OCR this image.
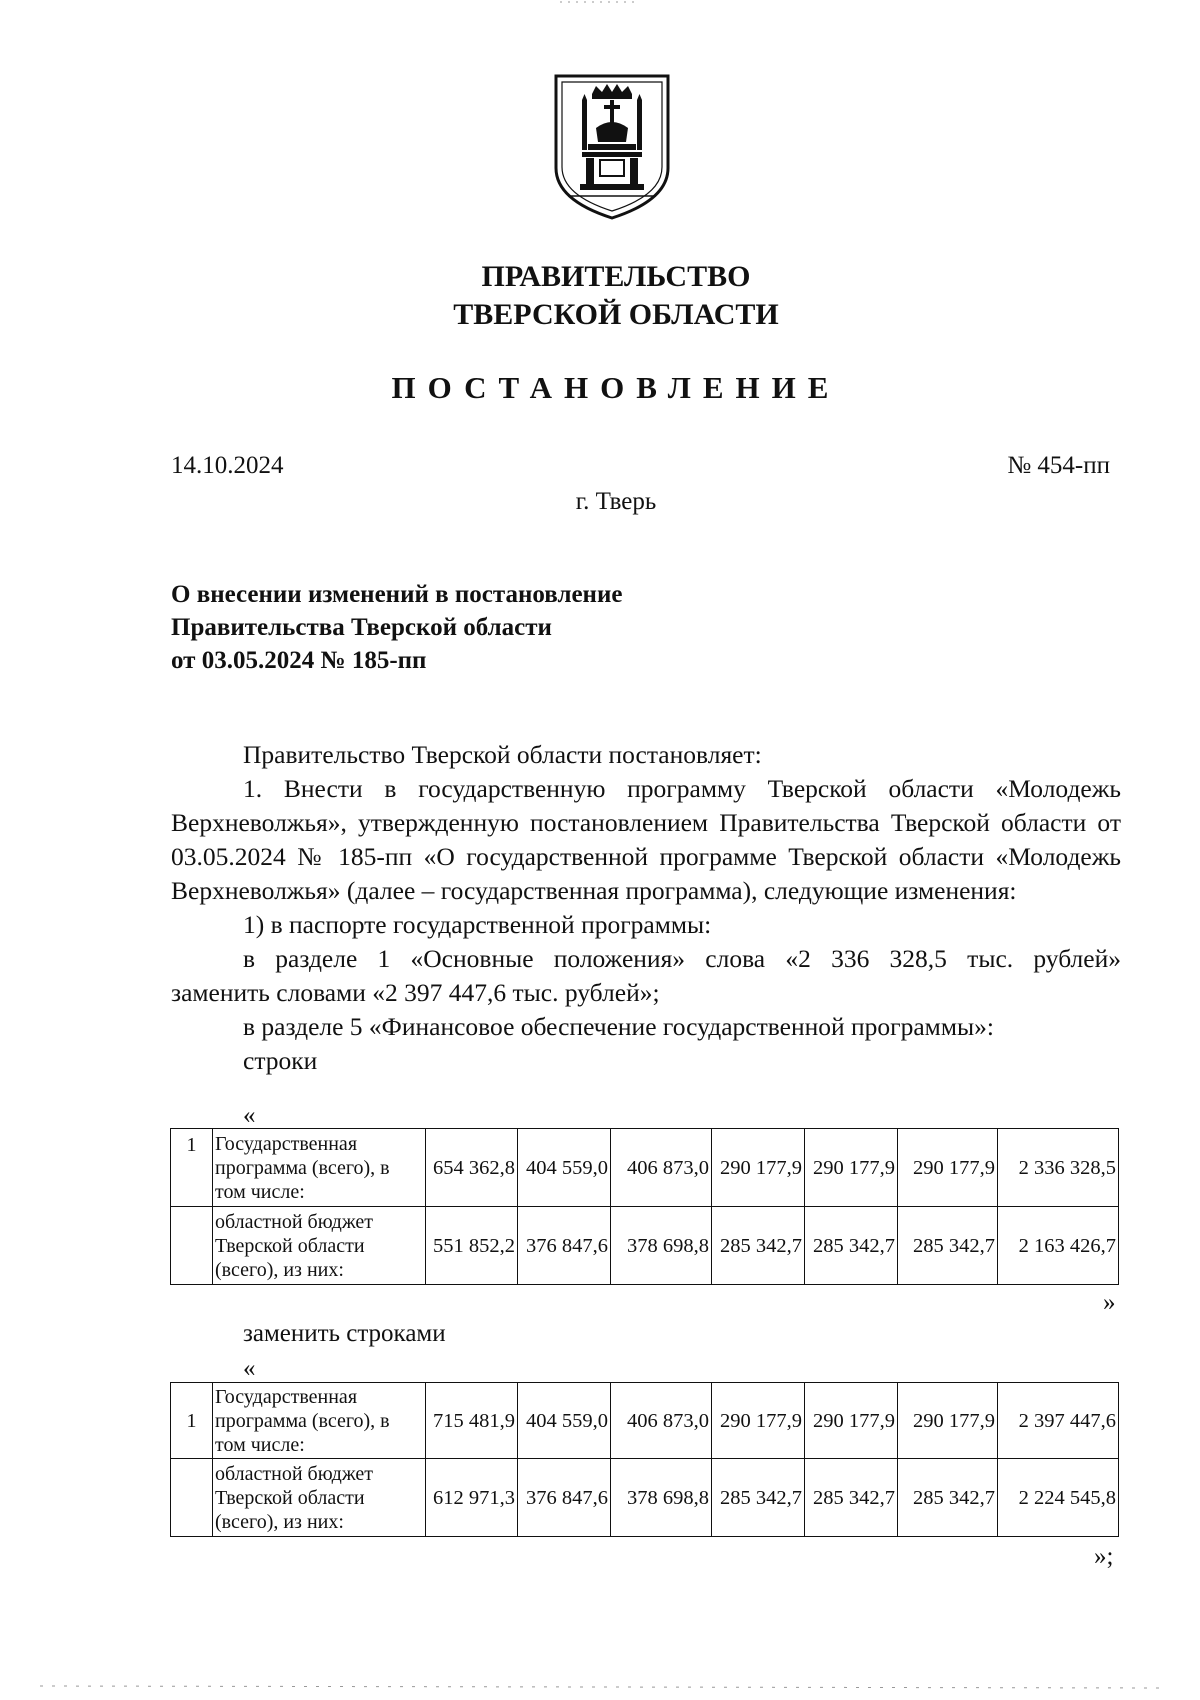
ПРАВИТЕЛЬСТВО
ТВЕРСКОЙ ОБЛАСТИ
ПОСТАНОВЛЕНИЕ
14.10.2024	№ 454-пп
г. Тверь
О внесении изменений в постановление
Правительства Тверской области
от 03.05.2024 № 185-пп

Правительство Тверской области постановляет:

1. Внести в государственную программу Тверской области «Молодежь Верхневолжья», утвержденную постановлением Правительства Тверской области от 03.05.2024 № 185-пп «О государственной программе Тверской области «Молодежь Верхневолжья» (далее – государственная программа), следующие изменения:

1) в паспорте государственной программы:

в разделе 1 «Основные положения» слова «2 336 328,5 тыс. рублей»

заменить словами «2 397 447,6 тыс. рублей»;

в разделе 5 «Финансовое обеспечение государственной программы»:

строки

«
1	Государственная программа (всего), в том числе:	654 362,8	404 559,0	406 873,0	290 177,9	290 177,9	290 177,9	2 336 328,5
	областной бюджет Тверской области (всего), из них:	551 852,2	376 847,6	378 698,8	285 342,7	285 342,7	285 342,7	2 163 426,7
»
заменить строками
«
1	Государственная программа (всего), в том числе:	715 481,9	404 559,0	406 873,0	290 177,9	290 177,9	290 177,9	2 397 447,6
	областной бюджет Тверской области (всего), из них:	612 971,3	376 847,6	378 698,8	285 342,7	285 342,7	285 342,7	2 224 545,8
»;
